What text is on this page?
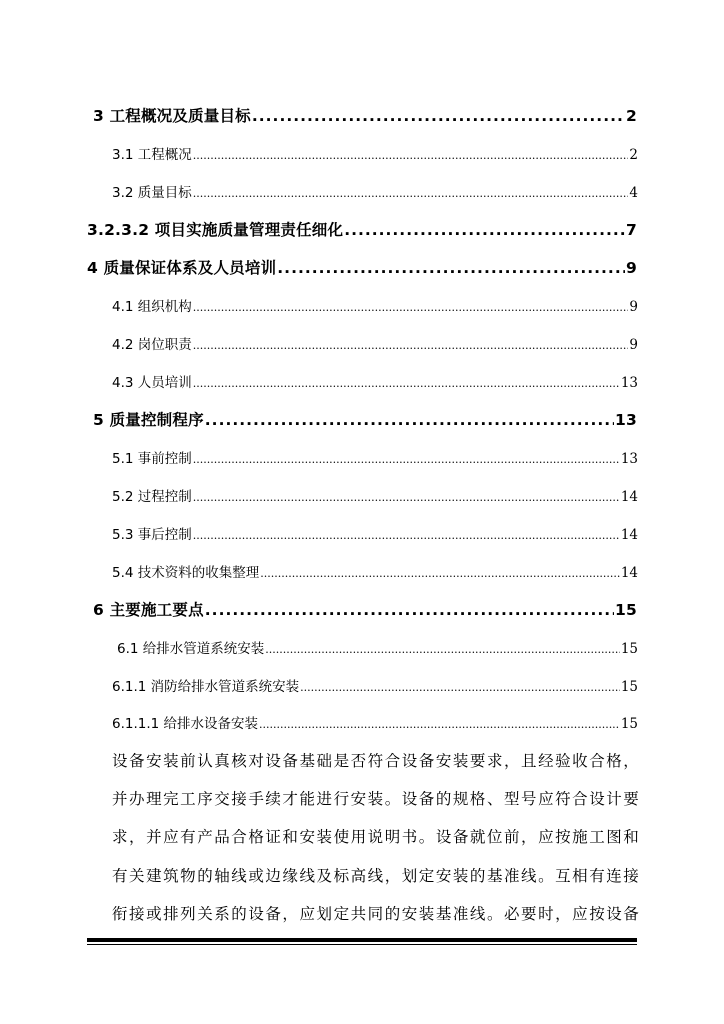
3 工程概况及质量目标 .....	2
3.1 工程概况 .....	2
3.2 质量目标 .....	4
3.2.3.2 项目实施质量管理责任细化 .....	7
4 质量保证体系及人员培训 .....	9
4.1 组织机构 .....	9
4.2 岗位职责 .....	9
4.3 人员培训 .....	13
5 质量控制程序 .....	13
5.1 事前控制 .....	13
5.2 过程控制 .....	14
5.3 事后控制 .....	14
5.4 技术资料的收集整理 .....	14
6 主要施工要点 .....	15
6.1 给排水管道系统安装 .....	15
6.1.1 消防给排水管道系统安装 .....	15
6.1.1.1 给排水设备安装 .....	15
设备安装前认真核对设备基础是否符合设备安装要求，且经验收合格，
并办理完工序交接手续才能进行安装。设备的规格、型号应符合设计要
求，并应有产品合格证和安装使用说明书。设备就位前，应按施工图和
有关建筑物的轴线或边缘线及标高线，划定安装的基准线。互相有连接
衔接或排列关系的设备，应划定共同的安装基准线。必要时，应按设备
